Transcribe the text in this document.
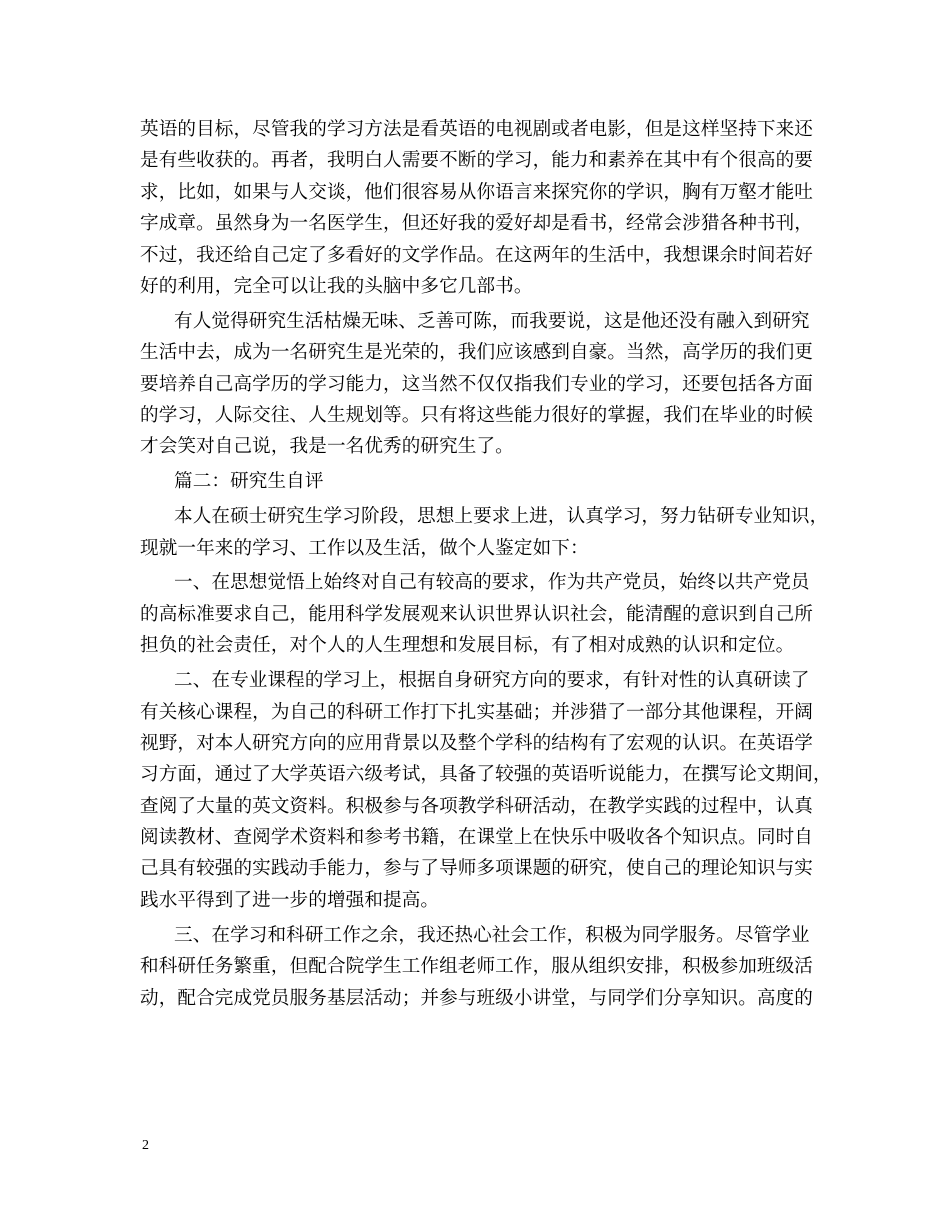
英语的目标，尽管我的学习方法是看英语的电视剧或者电影，但是这样坚持下来还
是有些收获的。再者，我明白人需要不断的学习，能力和素养在其中有个很高的要
求，比如，如果与人交谈，他们很容易从你语言来探究你的学识，胸有万壑才能吐
字成章。虽然身为一名医学生，但还好我的爱好却是看书，经常会涉猎各种书刊，
不过，我还给自己定了多看好的文学作品。在这两年的生活中，我想课余时间若好
好的利用，完全可以让我的头脑中多它几部书。
有人觉得研究生活枯燥无味、乏善可陈，而我要说，这是他还没有融入到研究
生活中去，成为一名研究生是光荣的，我们应该感到自豪。当然，高学历的我们更
要培养自己高学历的学习能力，这当然不仅仅指我们专业的学习，还要包括各方面
的学习，人际交往、人生规划等。只有将这些能力很好的掌握，我们在毕业的时候
才会笑对自己说，我是一名优秀的研究生了。
篇二：研究生自评
本人在硕士研究生学习阶段，思想上要求上进，认真学习，努力钻研专业知识，
现就一年来的学习、工作以及生活，做个人鉴定如下：
一、在思想觉悟上始终对自己有较高的要求，作为共产党员，始终以共产党员
的高标准要求自己，能用科学发展观来认识世界认识社会，能清醒的意识到自己所
担负的社会责任，对个人的人生理想和发展目标，有了相对成熟的认识和定位。
二、在专业课程的学习上，根据自身研究方向的要求，有针对性的认真研读了
有关核心课程，为自己的科研工作打下扎实基础；并涉猎了一部分其他课程，开阔
视野，对本人研究方向的应用背景以及整个学科的结构有了宏观的认识。在英语学
习方面，通过了大学英语六级考试，具备了较强的英语听说能力，在撰写论文期间，
查阅了大量的英文资料。积极参与各项教学科研活动，在教学实践的过程中，认真
阅读教材、查阅学术资料和参考书籍，在课堂上在快乐中吸收各个知识点。同时自
己具有较强的实践动手能力，参与了导师多项课题的研究，使自己的理论知识与实
践水平得到了进一步的增强和提高。
三、在学习和科研工作之余，我还热心社会工作，积极为同学服务。尽管学业
和科研任务繁重，但配合院学生工作组老师工作，服从组织安排，积极参加班级活
动，配合完成党员服务基层活动；并参与班级小讲堂，与同学们分享知识。高度的
2
